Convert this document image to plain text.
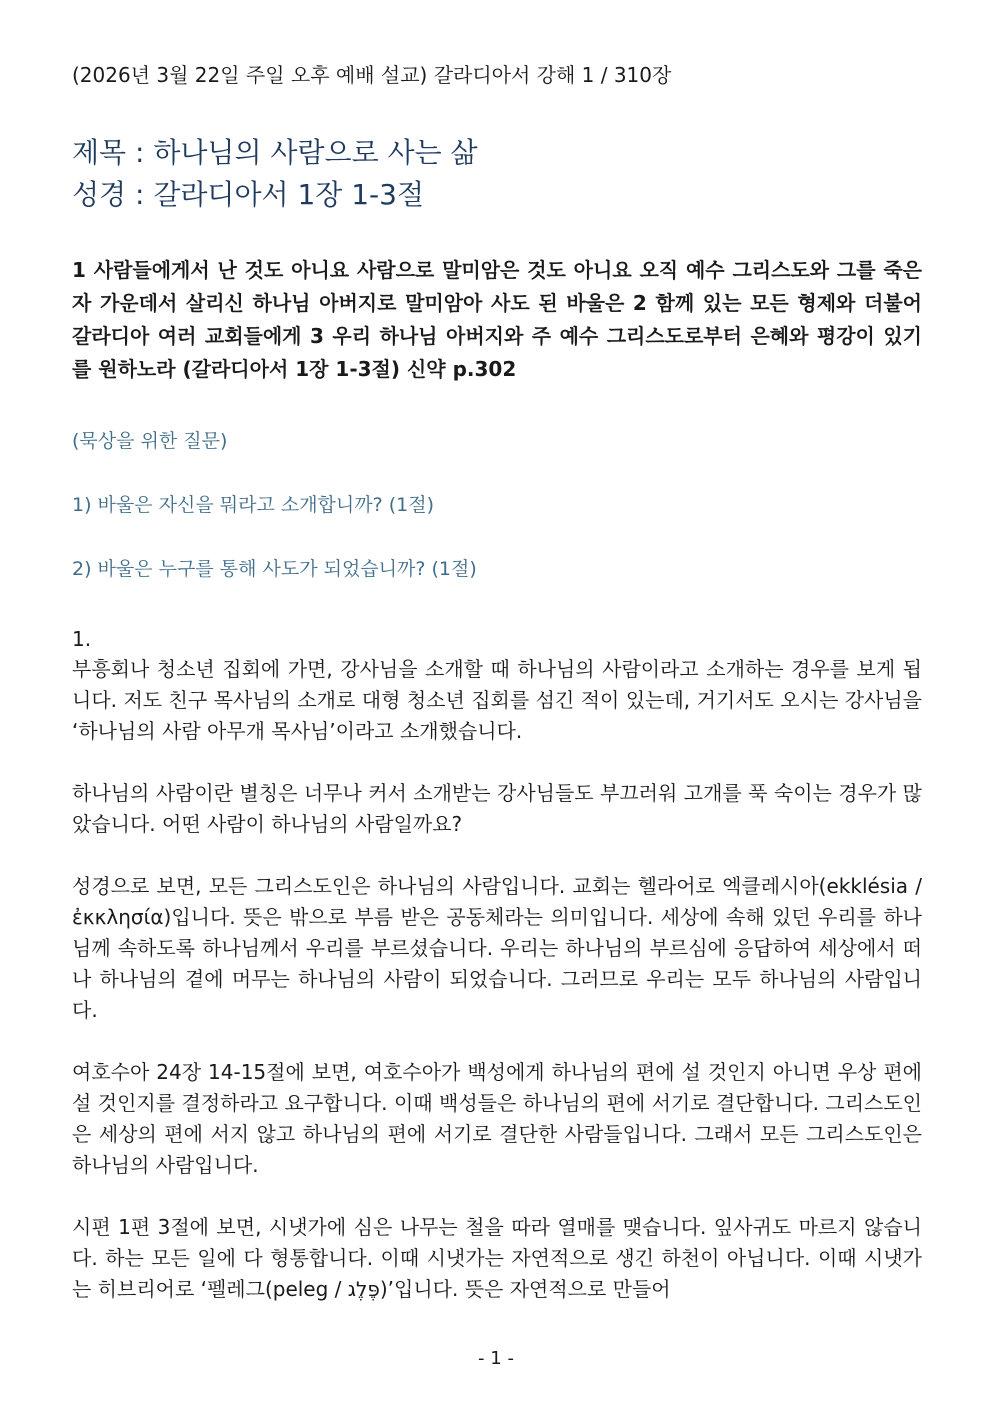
(2026년 3월 22일 주일 오후 예배 설교) 갈라디아서 강해 1 / 310장

제목 : 하나님의 사람으로 사는 삶

성경 : 갈라디아서 1장 1-3절

1 사람들에게서 난 것도 아니요 사람으로 말미암은 것도 아니요 오직 예수 그리스도와 그를 죽은 자 가운데서 살리신 하나님 아버지로 말미암아 사도 된 바울은 2 함께 있는 모든 형제와 더불어 갈라디아 여러 교회들에게 3 우리 하나님 아버지와 주 예수 그리스도로부터 은혜와 평강이 있기를 원하노라 (갈라디아서 1장 1-3절) 신약 p.302
(묵상을 위한 질문)
1) 바울은 자신을 뭐라고 소개합니까? (1절)
2) 바울은 누구를 통해 사도가 되었습니까? (1절)
1.

부흥회나 청소년 집회에 가면, 강사님을 소개할 때 하나님의 사람이라고 소개하는 경우를 보게 됩니다. 저도 친구 목사님의 소개로 대형 청소년 집회를 섬긴 적이 있는데, 거기서도 오시는 강사님을 ‘하나님의 사람 아무개 목사님’이라고 소개했습니다.

하나님의 사람이란 별칭은 너무나 커서 소개받는 강사님들도 부끄러워 고개를 푹 숙이는 경우가 많았습니다. 어떤 사람이 하나님의 사람일까요?

성경으로 보면, 모든 그리스도인은 하나님의 사람입니다. 교회는 헬라어로 엑클레시아(ekklésia / ἐκκλησία)입니다. 뜻은 밖으로 부름 받은 공동체라는 의미입니다. 세상에 속해 있던 우리를 하나님께 속하도록 하나님께서 우리를 부르셨습니다. 우리는 하나님의 부르심에 응답하여 세상에서 떠나 하나님의 곁에 머무는 하나님의 사람이 되었습니다. 그러므로 우리는 모두 하나님의 사람입니다.

여호수아 24장 14-15절에 보면, 여호수아가 백성에게 하나님의 편에 설 것인지 아니면 우상 편에 설 것인지를 결정하라고 요구합니다. 이때 백성들은 하나님의 편에 서기로 결단합니다. 그리스도인은 세상의 편에 서지 않고 하나님의 편에 서기로 결단한 사람들입니다. 그래서 모든 그리스도인은 하나님의 사람입니다.

시편 1편 3절에 보면, 시냇가에 심은 나무는 철을 따라 열매를 맺습니다. 잎사귀도 마르지 않습니다. 하는 모든 일에 다 형통합니다. 이때 시냇가는 자연적으로 생긴 하천이 아닙니다. 이때 시냇가는 히브리어로 ‘펠레그(peleg / פֶּלֶג)’입니다. 뜻은 자연적으로 만들어

- 1 -
